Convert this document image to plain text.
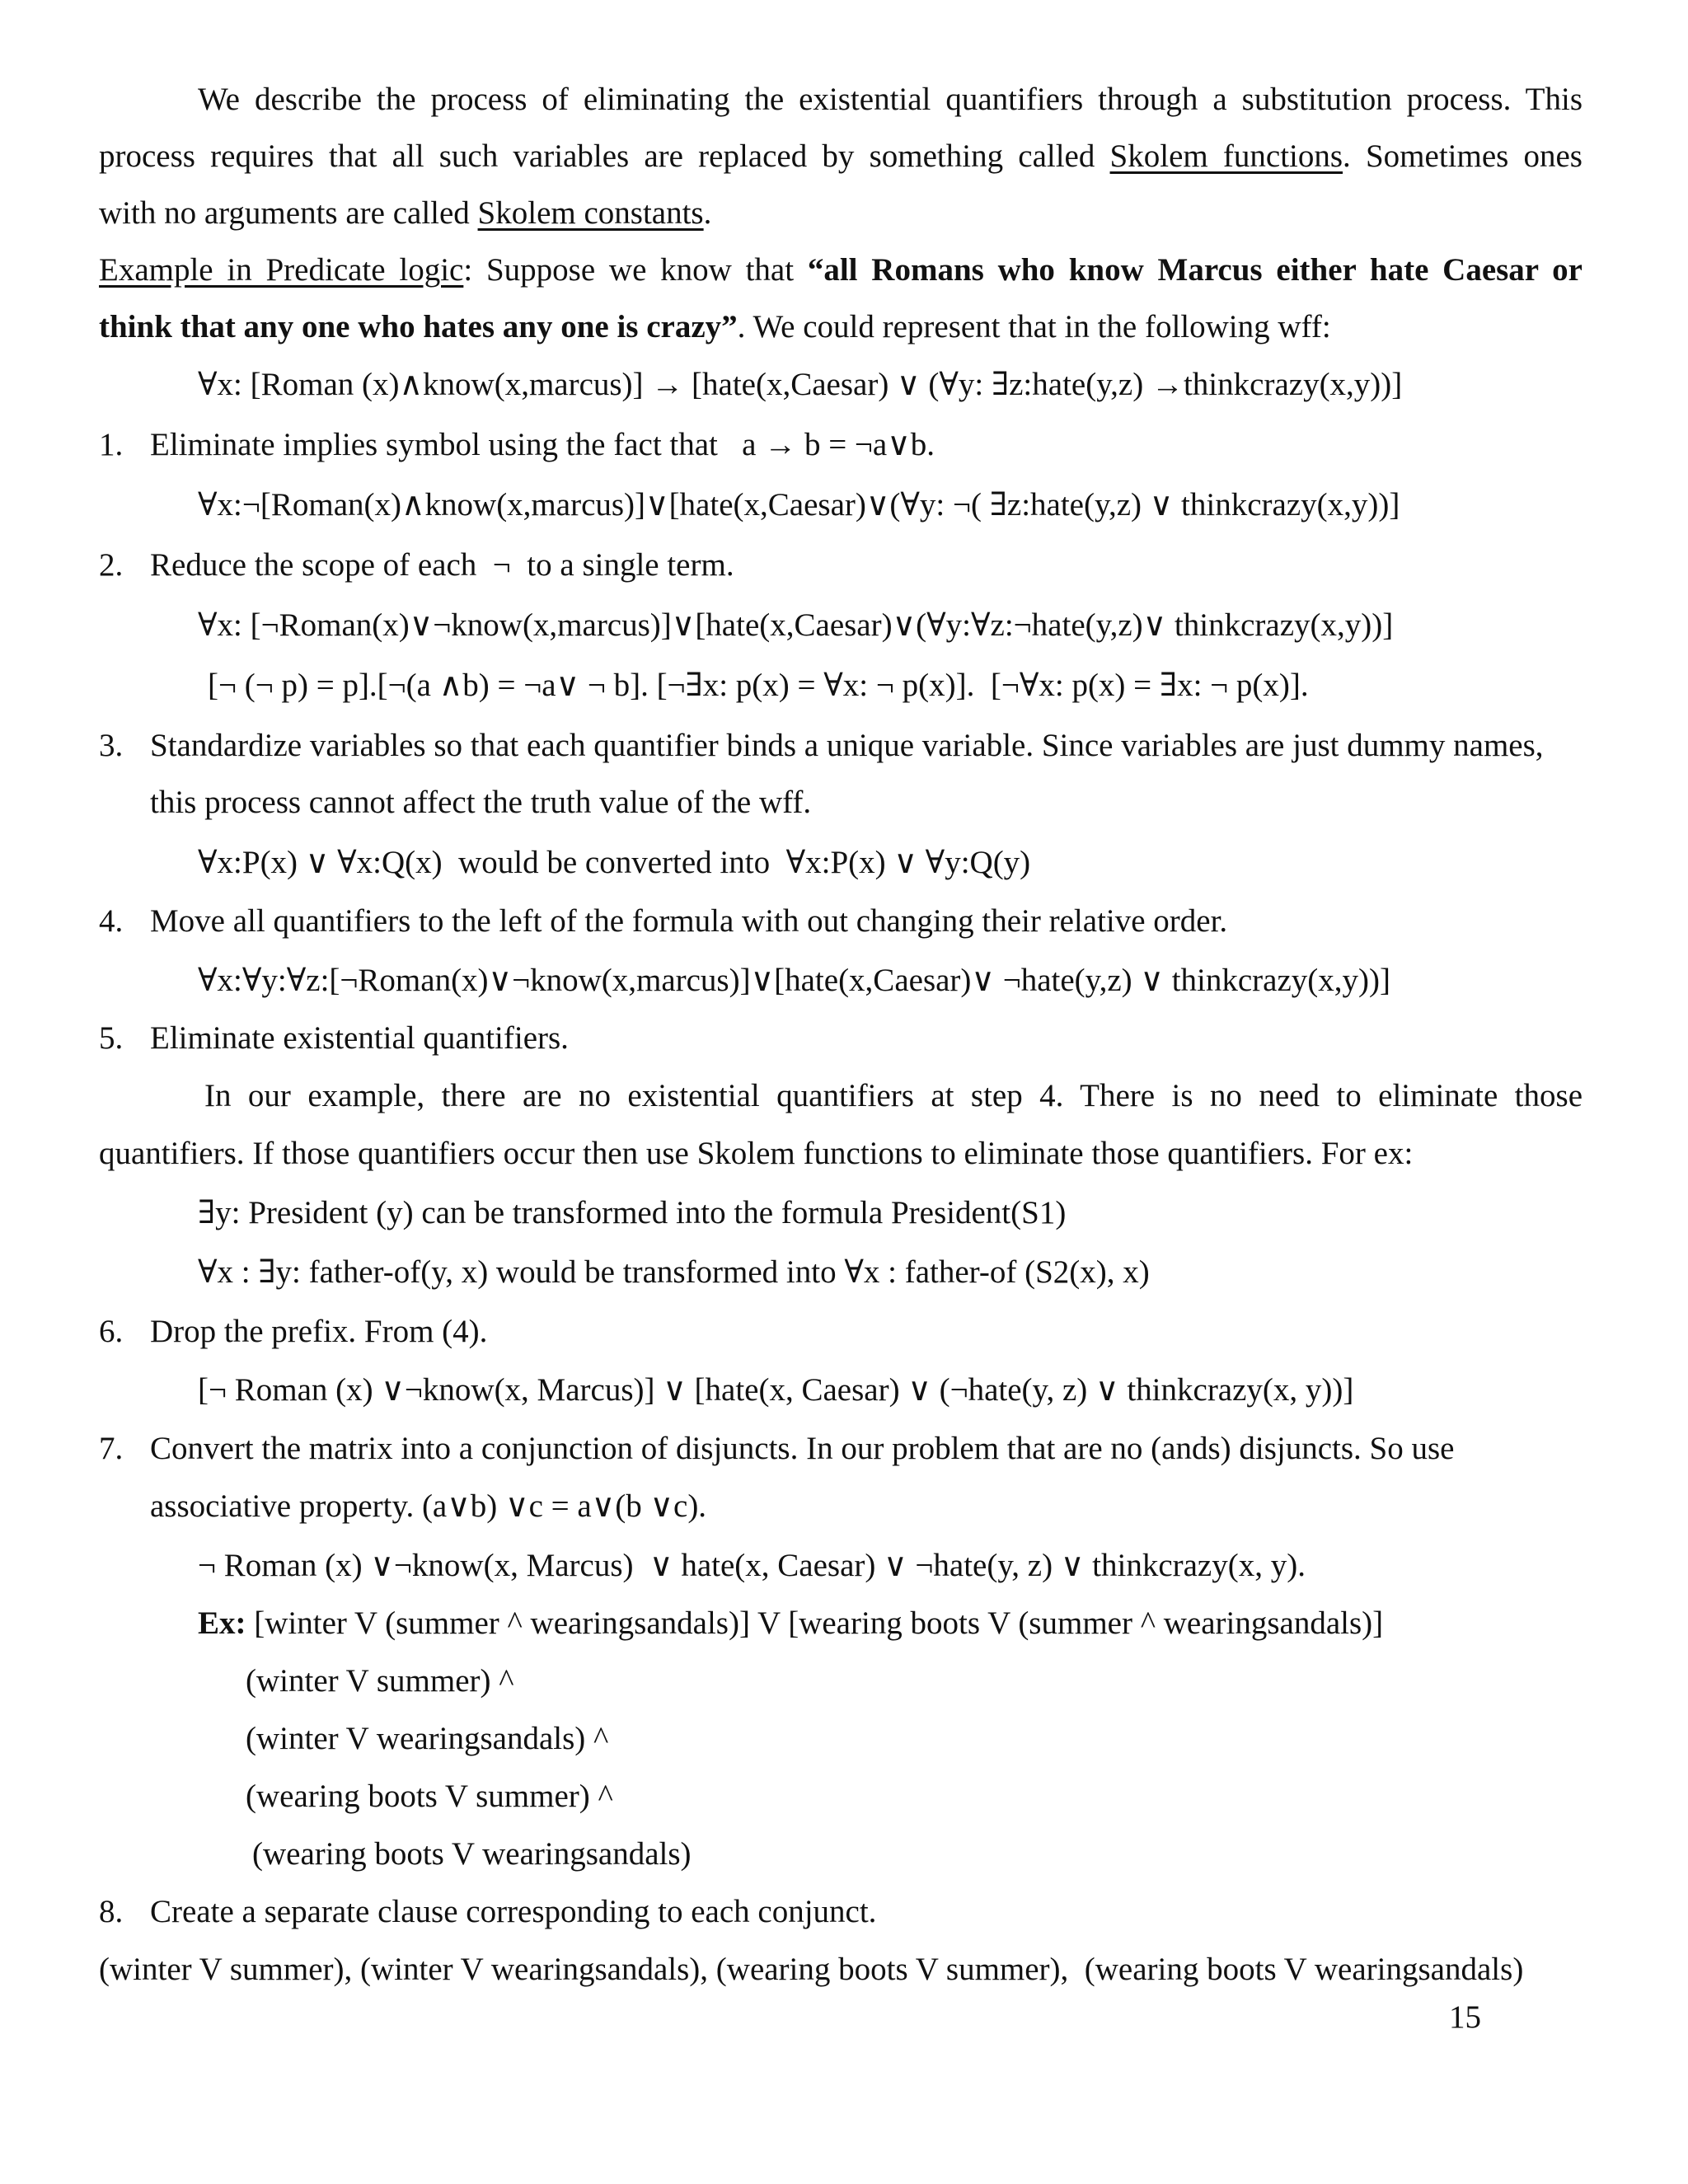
We describe the process of eliminating the existential quantifiers through a substitution process. This
process requires that all such variables are replaced by something called Skolem functions. Sometimes ones
with no arguments are called Skolem constants.
Example in Predicate logic: Suppose we know that “all Romans who know Marcus either hate Caesar or
think that any one who hates any one is crazy”. We could represent that in the following wff:
∀x: [Roman (x)∧know(x,marcus)] → [hate(x,Caesar) ∨ (∀y: ∃z:hate(y,z) →thinkcrazy(x,y))]
1. Eliminate implies symbol using the fact that   a → b = ¬a∨b.
∀x:¬[Roman(x)∧know(x,marcus)]∨[hate(x,Caesar)∨(∀y: ¬( ∃z:hate(y,z) ∨ thinkcrazy(x,y))]
2. Reduce the scope of each  ¬  to a single term.
∀x: [¬Roman(x)∨¬know(x,marcus)]∨[hate(x,Caesar)∨(∀y:∀z:¬hate(y,z)∨ thinkcrazy(x,y))]
[¬ (¬ p) = p].[¬(a ∧b) = ¬a∨ ¬ b]. [¬∃x: p(x) = ∀x: ¬ p(x)].  [¬∀x: p(x) = ∃x: ¬ p(x)].
3. Standardize variables so that each quantifier binds a unique variable. Since variables are just dummy names,
this process cannot affect the truth value of the wff.
∀x:P(x) ∨ ∀x:Q(x)  would be converted into  ∀x:P(x) ∨ ∀y:Q(y)
4. Move all quantifiers to the left of the formula with out changing their relative order.
∀x:∀y:∀z:[¬Roman(x)∨¬know(x,marcus)]∨[hate(x,Caesar)∨ ¬hate(y,z) ∨ thinkcrazy(x,y))]
5. Eliminate existential quantifiers.
In our example, there are no existential quantifiers at step 4. There is no need to eliminate those
quantifiers. If those quantifiers occur then use Skolem functions to eliminate those quantifiers. For ex:
∃y: President (y) can be transformed into the formula President(S1)
∀x : ∃y: father-of(y, x) would be transformed into ∀x : father-of (S2(x), x)
6. Drop the prefix. From (4).
[¬ Roman (x) ∨¬know(x, Marcus)] ∨ [hate(x, Caesar) ∨ (¬hate(y, z) ∨ thinkcrazy(x, y))]
7. Convert the matrix into a conjunction of disjuncts. In our problem that are no (ands) disjuncts. So use
associative property. (a∨b) ∨c = a∨(b ∨c).
¬ Roman (x) ∨¬know(x, Marcus)  ∨ hate(x, Caesar) ∨ ¬hate(y, z) ∨ thinkcrazy(x, y).
Ex: [winter V (summer ^ wearingsandals)] V [wearing boots V (summer ^ wearingsandals)]
(winter V summer) ^
(winter V wearingsandals) ^
(wearing boots V summer) ^
(wearing boots V wearingsandals)
8. Create a separate clause corresponding to each conjunct.
(winter V summer), (winter V wearingsandals), (wearing boots V summer),  (wearing boots V wearingsandals)
15
